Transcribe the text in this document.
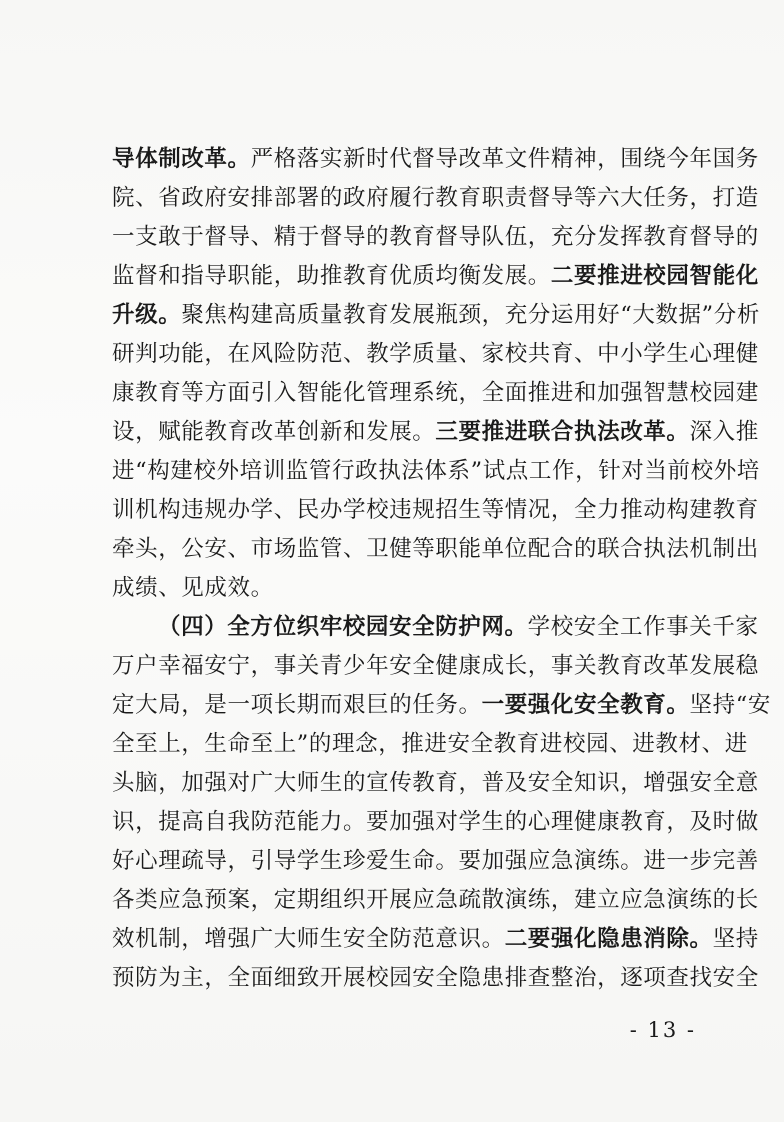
导体制改革。严格落实新时代督导改革文件精神，围绕今年国务
院、省政府安排部署的政府履行教育职责督导等六大任务，打造
一支敢于督导、精于督导的教育督导队伍，充分发挥教育督导的
监督和指导职能，助推教育优质均衡发展。二要推进校园智能化
升级。聚焦构建高质量教育发展瓶颈，充分运用好“大数据”分析
研判功能，在风险防范、教学质量、家校共育、中小学生心理健
康教育等方面引入智能化管理系统，全面推进和加强智慧校园建
设，赋能教育改革创新和发展。三要推进联合执法改革。深入推
进“构建校外培训监管行政执法体系”试点工作，针对当前校外培
训机构违规办学、民办学校违规招生等情况，全力推动构建教育
牵头，公安、市场监管、卫健等职能单位配合的联合执法机制出
成绩、见成效。
（四）全方位织牢校园安全防护网。学校安全工作事关千家
万户幸福安宁，事关青少年安全健康成长，事关教育改革发展稳
定大局，是一项长期而艰巨的任务。一要强化安全教育。坚持“安
全至上，生命至上”的理念，推进安全教育进校园、进教材、进
头脑，加强对广大师生的宣传教育，普及安全知识，增强安全意
识，提高自我防范能力。要加强对学生的心理健康教育，及时做
好心理疏导，引导学生珍爱生命。要加强应急演练。进一步完善
各类应急预案，定期组织开展应急疏散演练，建立应急演练的长
效机制，增强广大师生安全防范意识。二要强化隐患消除。坚持
预防为主，全面细致开展校园安全隐患排查整治，逐项查找安全
- 13 -
